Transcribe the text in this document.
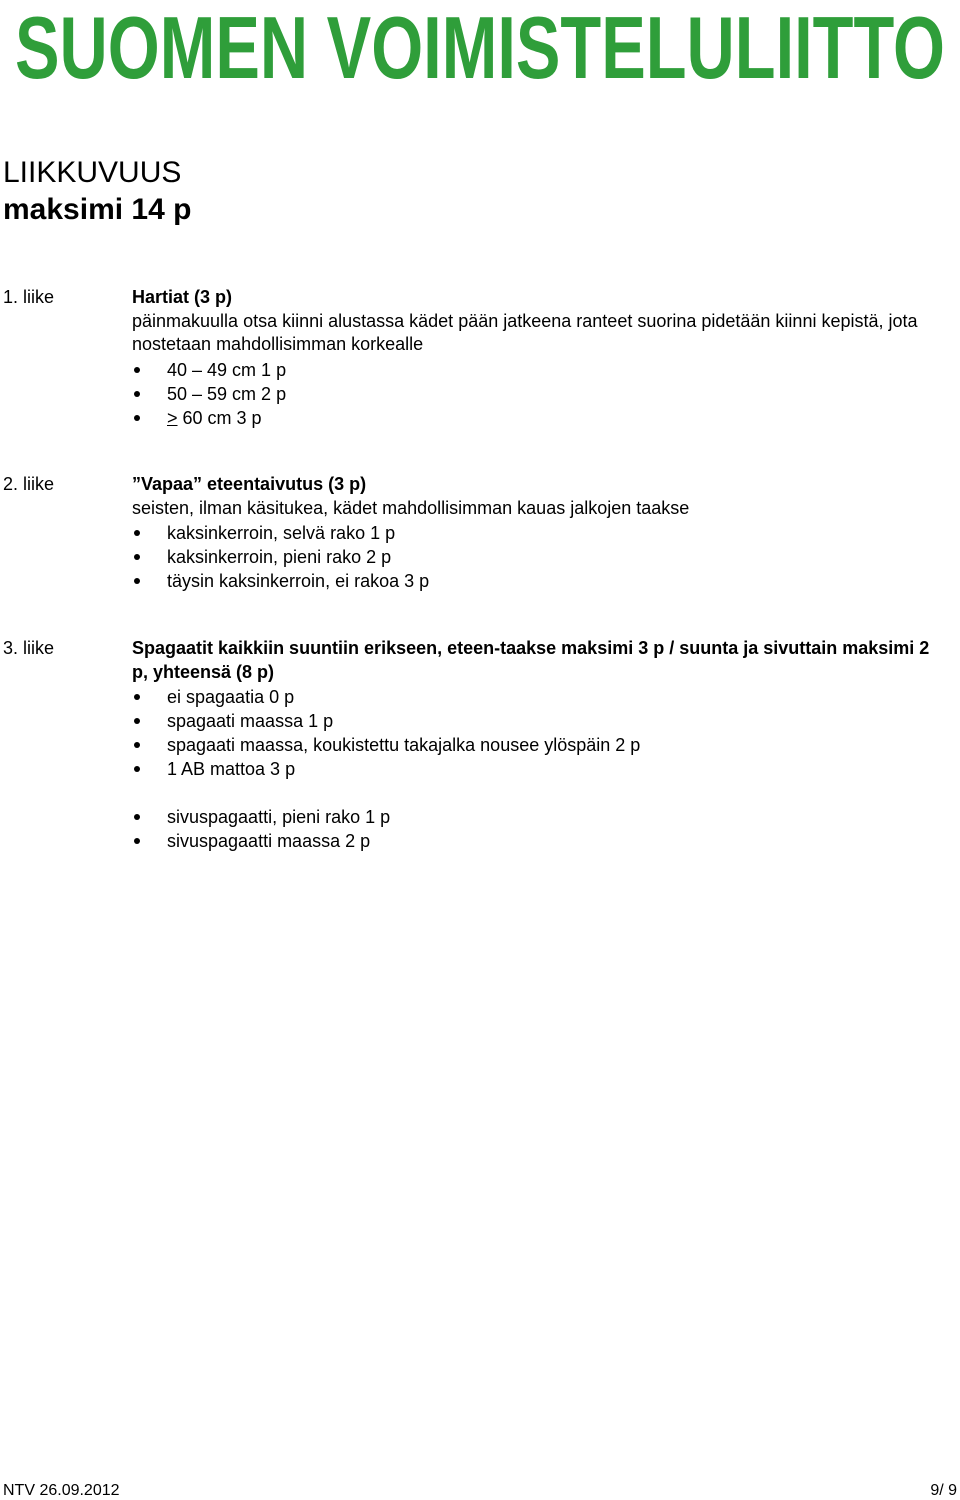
SUOMEN VOIMISTELULIITTO
LIIKKUVUUS
maksimi 14 p
1. liike	Hartiat (3 p)
päinmakuulla otsa kiinni alustassa kädet pään jatkeena ranteet suorina pidetään kiinni kepistä, jota nostetaan mahdollisimman korkealle
40 – 49 cm 1 p
50 – 59 cm 2 p
≥ 60 cm 3 p
2. liike	”Vapaa” eteentaivutus (3 p)
seisten, ilman käsitukea, kädet mahdollisimman kauas jalkojen taakse
kaksinkerroin, selvä rako 1 p
kaksinkerroin, pieni rako 2 p
täysin kaksinkerroin, ei rakoa 3 p
3. liike	Spagaatit kaikkiin suuntiin erikseen, eteen-taakse maksimi 3 p / suunta ja sivuttain maksimi 2 p, yhteensä (8 p)
ei spagaatia 0 p
spagaati maassa 1 p
spagaati maassa, koukistettu takajalka nousee ylöspäin 2 p
1 AB mattoa 3 p
sivuspagaatti, pieni rako 1 p
sivuspagaatti maassa 2 p
NTV 26.09.2012	9/ 9
